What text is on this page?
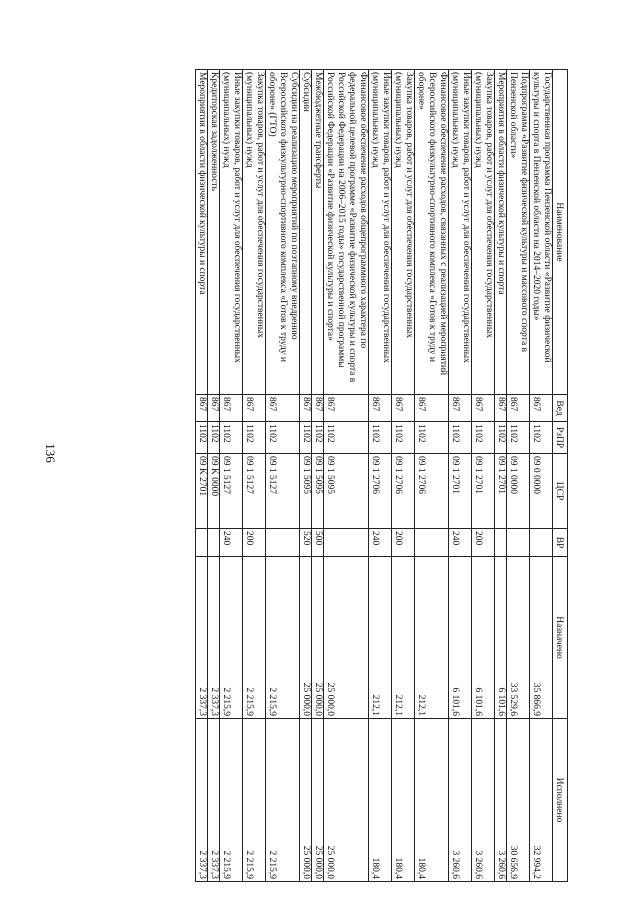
136
Наименование	Вед	РзПР	ЦСР	ВР	Назначено	Исполнено
Государственная программа Пензенской области «Развитие физической культуры и спорта в Пензенской области на 2014–2020 годы»	867	1102	09 0 0000		35 866,9	32 994,2
Подпрограмма «Развитие физической культуры и массового спорта в Пензенской области»	867	1102	09 1 0000		33 529,6	30 656,9
Мероприятия в области физической культуры и спорта	867	1102	09 1 2701		6 101,6	3 260,6
Закупка товаров, работ и услуг для обеспечения государственных (муниципальных) нужд	867	1102	09 1 2701	200	6 101,6	3 260,6
Иные закупки товаров, работ и услуг для обеспечения государственных (муниципальных) нужд	867	1102	09 1 2701	240	6 101,6	3 260,6
Финансовое обеспечение расходов, связанных с реализацией мероприятий Всероссийского физкультурно-спортивного комплекса «Готов к труду и обороне»	867	1102	09 1 2706		212,1	180,4
Закупка товаров, работ и услуг для обеспечения государственных (муниципальных) нужд	867	1102	09 1 2706	200	212,1	180,4
Иные закупки товаров, работ и услуг для обеспечения государственных (муниципальных) нужд	867	1102	09 1 2706	240	212,1	180,4
Финансовое обеспечение расходов общепрограммного характера по федеральной целевой программе «Развитие физической культуры и спорта в Российской Федерации на 2006–2015 годы» государственной программы Российской Федерации «Развитие физической культуры и спорта»	867	1102	09 1 5095		25 000,0	25 000,0
Межбюджетные трансферты	867	1102	09 1 5095	500	25 000,0	25 000,0
Субсидии	867	1102	09 1 5095	520	25 000,0	25 000,0
Субсидии на реализацию мероприятий по поэтапному внедрению Всероссийского физкультурно-спортивного комплекса «Готов к труду и обороне» (ГТО)	867	1102	09 1 5127		2 215,9	2 215,9
Закупка товаров, работ и услуг для обеспечения государственных (муниципальных) нужд	867	1102	09 1 5127	200	2 215,9	2 215,9
Иные закупки товаров, работ и услуг для обеспечения государственных (муниципальных) нужд	867	1102	09 1 5127	240	2 215,9	2 215,9
Кредиторская задолженность	867	1102	09 K 0000		2 337,3	2 337,3
Мероприятия в области физической культуры и спорта	867	1102	09 K 2701		2 337,3	2 337,3
